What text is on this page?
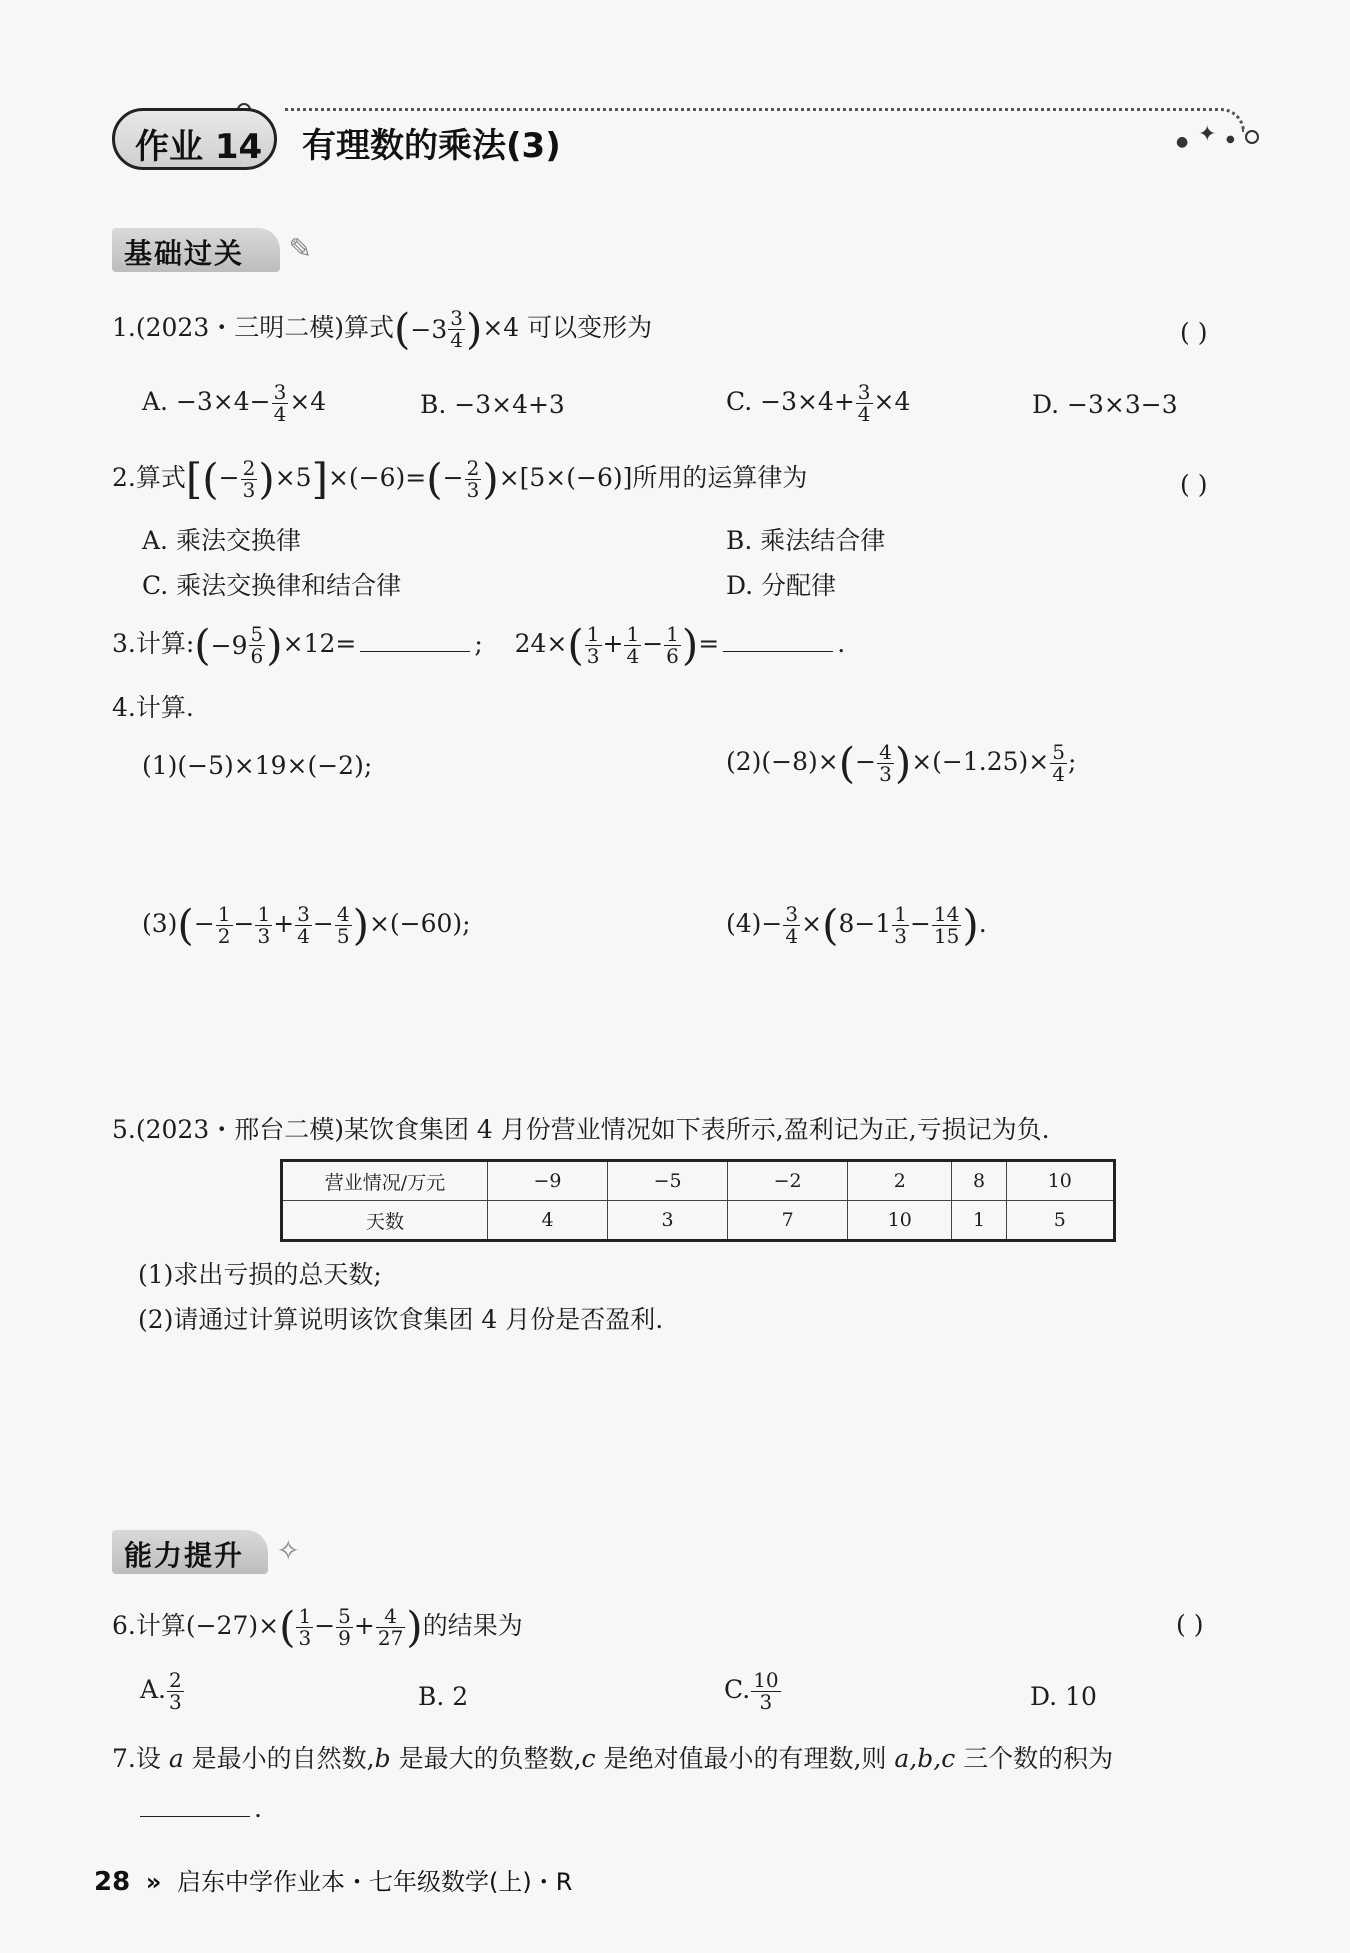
✦
●	●
作业 14 有理数的乘法(3)
基础过关 ✎
1.(2023・三明二模)算式$(-3 \frac{3}{4} )\times 4$ 可以变形为	( )
A. $-3\times 4- \frac{3}{4} \times 4$	B. −3×4+3	C. $-3\times 4+ \frac{3}{4} \times 4$	D. −3×3−3
2.算式[(− $\frac{2}{3} )\times 5]\times(-6)=(- \frac{2}{3} )\times[5\times(-6)]$所用的运算律为	( )
A. 乘法交换律	B. 乘法结合律
C. 乘法交换律和结合律	D. 分配律
3.计算:(−9 $\frac{5}{6} )\times 12=$	; $24\times( \frac{1}{3} + \frac{1}{4} - \frac{1}{6}$ )=	.
4.计算.
(1)(−5)×19×(−2);	$(2)(-8)\times(- \frac{4}{3} )\times(-1.25)\times \frac{5}{4}$ ;
$(3)(- \frac{1}{2} - \frac{1}{3} + \frac{3}{4} - \frac{4}{5} )\times(-60)$;	$(4)- \frac{3}{4} \times(8-1 \frac{1}{3} - \frac{14}{15}$ ).
5.(2023・邢台二模)某饮食集团 4 月份营业情况如下表所示,盈利记为正,亏损记为负.
营业情况/万元	−9	−5	−2	2	8	10
天数	4	3	7	10	1	5
(1)求出亏损的总天数;
(2)请通过计算说明该饮食集团 4 月份是否盈利.
能力提升 ✧
6.计算$(-27)\times( \frac{1}{3} - \frac{5}{9} + \frac{4}{27}$ )的结果为	( )
A. $\frac{2}{3}$	B. 2	C. $\frac{10}{3}$	D. 10
7.设 a 是最小的自然数,b 是最大的负整数,c 是绝对值最小的有理数,则 a,b,c 三个数的积为
.
28 » 启东中学作业本・七年级数学(上)・R
